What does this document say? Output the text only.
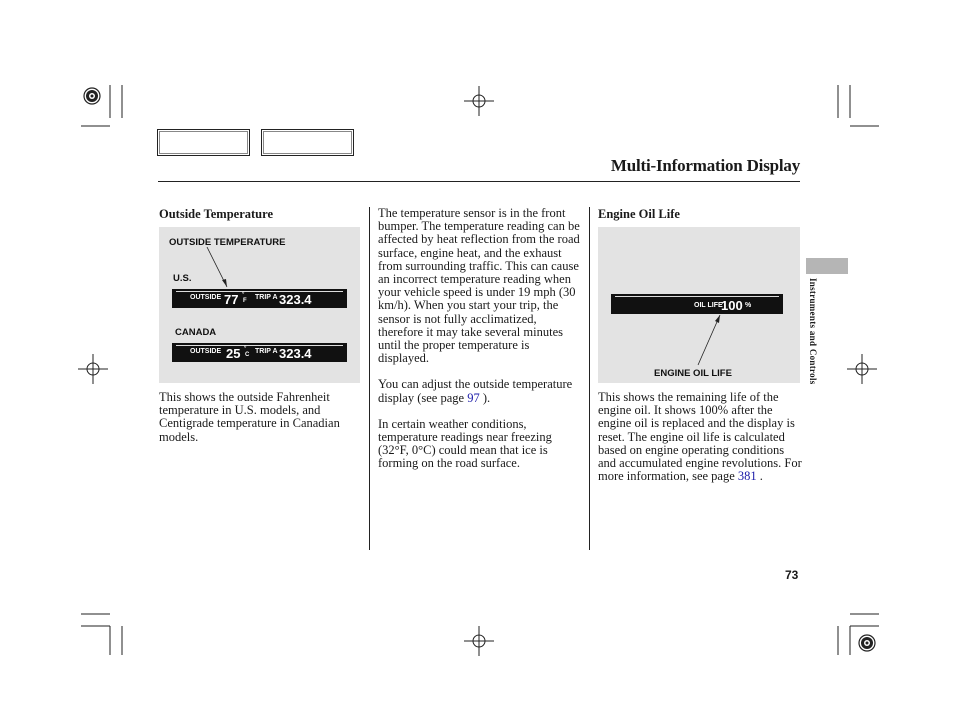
Multi-Information Display
Outside Temperature
OUTSIDE TEMPERATURE
U.S.
OUTSIDE 77 °
F TRIP A 323.4
CANADA
OUTSIDE 25 °
C TRIP A 323.4

This shows the outside Fahrenheit temperature in U.S. models, and Centigrade temperature in Canadian models.

The temperature sensor is in the front bumper. The temperature reading can be affected by heat reflection from the road surface, engine heat, and the exhaust from surrounding traffic. This can cause an incorrect temperature reading when your vehicle speed is under 19 mph (30 km/h). When you start your trip, the sensor is not fully acclimatized, therefore it may take several minutes until the proper temperature is displayed.

You can adjust the outside temperature display (see page 97 ).

In certain weather conditions, temperature readings near freezing (32°F, 0°C) could mean that ice is forming on the road surface.

Engine Oil Life
OIL LIFE
100 %
ENGINE OIL LIFE

This shows the remaining life of the engine oil. It shows 100% after the engine oil is replaced and the display is reset. The engine oil life is calculated based on engine operating conditions and accumulated engine revolutions. For more information, see page 381 .

Instruments and Controls
73
